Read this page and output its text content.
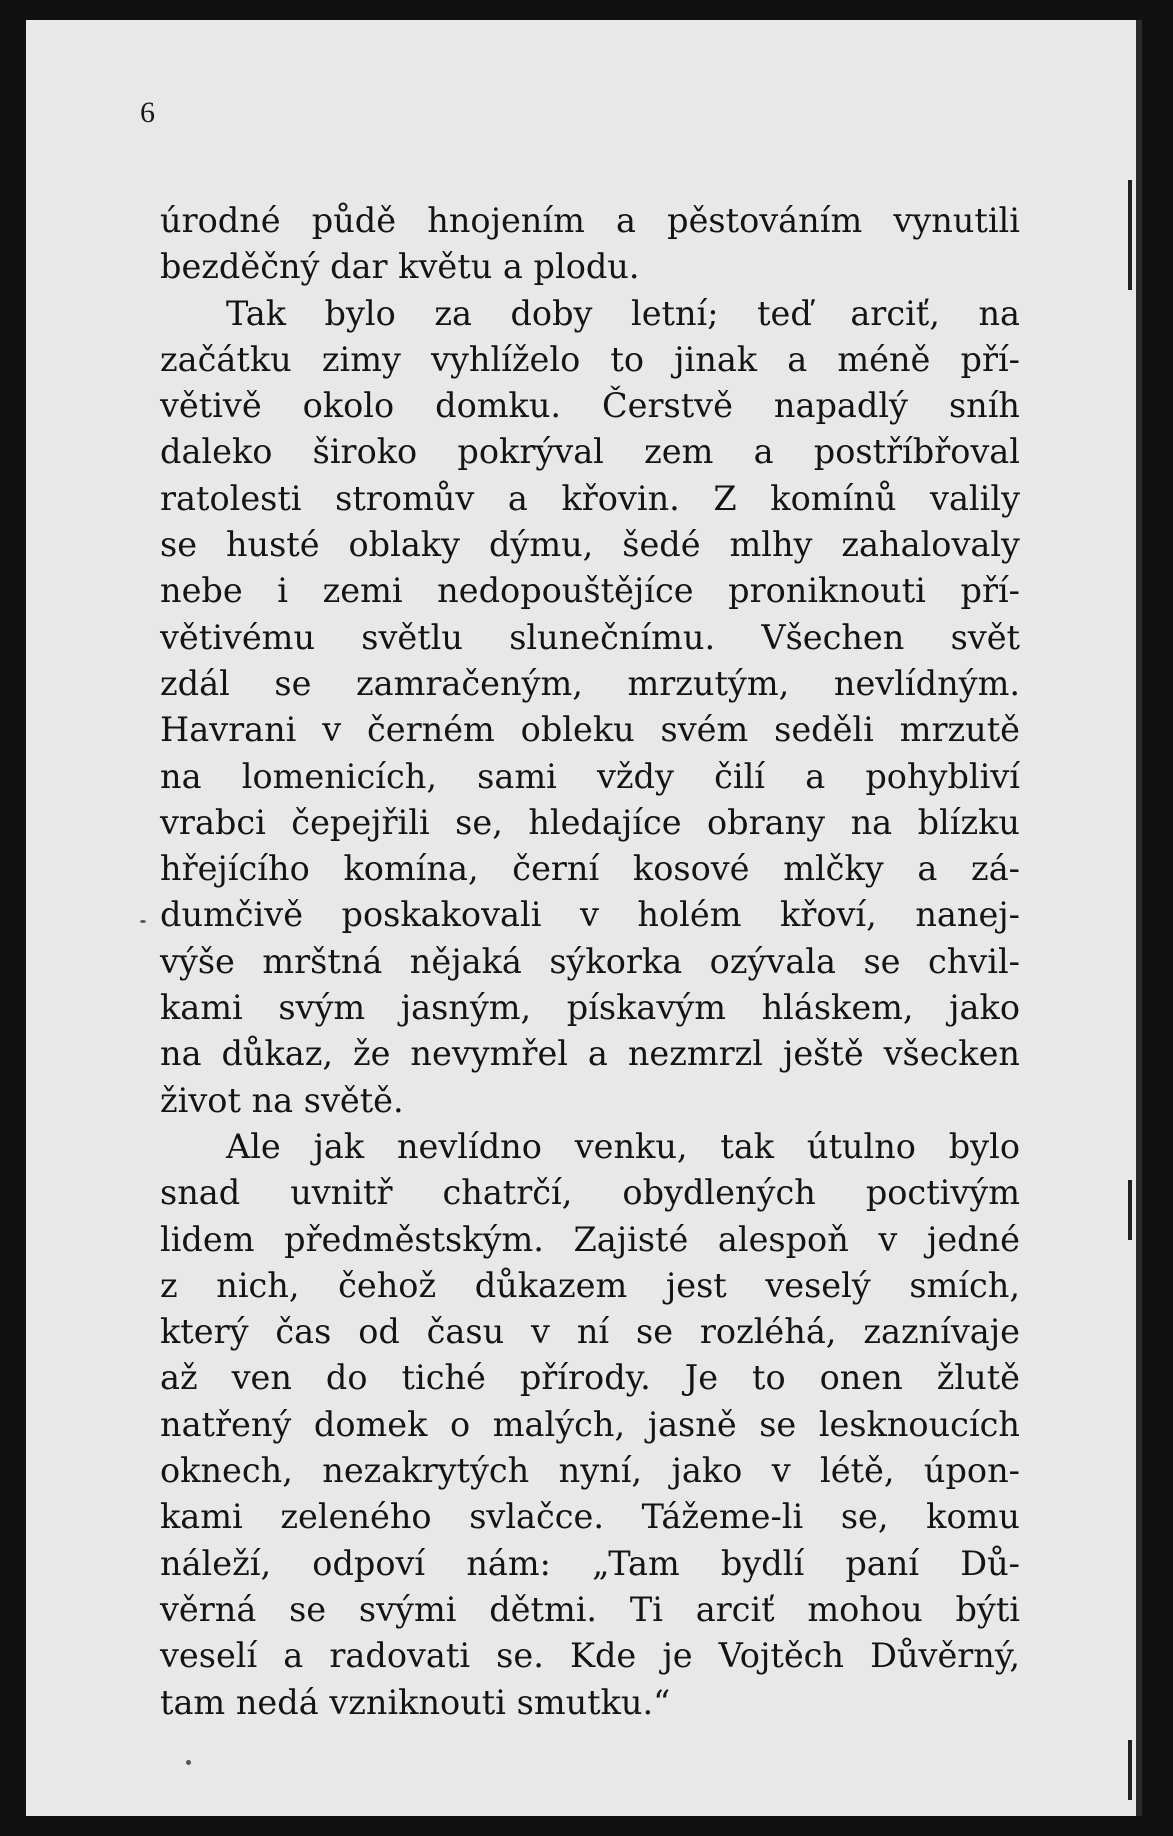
6

úrodné půdě hnojením a pěstováním vynutili
bezděčný dar květu a plodu.
Tak bylo za doby letní; teď arciť, na
začátku zimy vyhlíželo to jinak a méně pří-
větivě okolo domku. Čerstvě napadlý sníh
daleko široko pokrýval zem a postříbřoval
ratolesti stromův a křovin. Z komínů valily
se husté oblaky dýmu, šedé mlhy zahalovaly
nebe i zemi nedopouštějíce proniknouti pří-
větivému světlu slunečnímu. Všechen svět
zdál se zamračeným, mrzutým, nevlídným.
Havrani v černém obleku svém seděli mrzutě
na lomenicích, sami vždy čilí a pohybliví
vrabci čepejřili se, hledajíce obrany na blízku
hřejícího komína, černí kosové mlčky a zá-
dumčivě poskakovali v holém křoví, nanej-
výše mrštná nějaká sýkorka ozývala se chvil-
kami svým jasným, pískavým hláskem, jako
na důkaz, že nevymřel a nezmrzl ještě všecken
život na světě.
Ale jak nevlídno venku, tak útulno bylo
snad uvnitř chatrčí, obydlených poctivým
lidem předměstským. Zajisté alespoň v jedné
z nich, čehož důkazem jest veselý smích,
který čas od času v ní se rozléhá, zaznívaje
až ven do tiché přírody. Je to onen žlutě
natřený domek o malých, jasně se lesknoucích
oknech, nezakrytých nyní, jako v létě, úpon-
kami zeleného svlačce. Tážeme-li se, komu
náleží, odpoví nám: „Tam bydlí paní Dů-
věrná se svými dětmi. Ti arciť mohou býti
veselí a radovati se. Kde je Vojtěch Důvěrný,
tam nedá vzniknouti smutku.“
